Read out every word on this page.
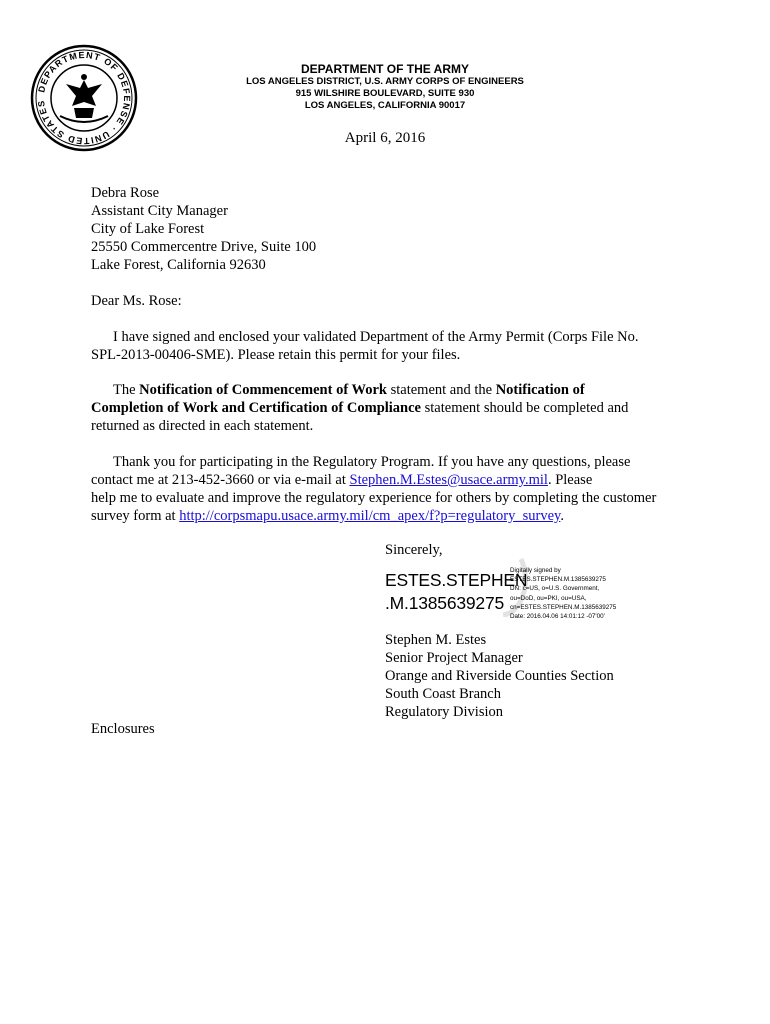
DEPARTMENT OF DEFENSE · UNITED STATES
DEPARTMENT OF THE ARMY
LOS ANGELES DISTRICT, U.S. ARMY CORPS OF ENGINEERS
915 WILSHIRE BOULEVARD, SUITE 930
LOS ANGELES, CALIFORNIA 90017
April 6, 2016
Debra Rose
Assistant City Manager
City of Lake Forest
25550 Commercentre Drive, Suite 100
Lake Forest, California 92630
Dear Ms. Rose:
I have signed and enclosed your validated Department of the Army Permit (Corps File No.
SPL-2013-00406-SME). Please retain this permit for your files.
The Notification of Commencement of Work statement and the Notification of
Completion of Work and Certification of Compliance statement should be completed and
returned as directed in each statement.
Thank you for participating in the Regulatory Program. If you have any questions, please
contact me at 213-452-3660 or via e-mail at Stephen.M.Estes@usace.army.mil. Please
help me to evaluate and improve the regulatory experience for others by completing the customer
survey form at http://corpsmapu.usace.army.mil/cm_apex/f?p=regulatory_survey.
Sincerely,
ESTES.STEPHEN
.M.1385639275
Digitally signed by
ESTES.STEPHEN.M.1385639275
DN: c=US, o=U.S. Government,
ou=DoD, ou=PKI, ou=USA,
cn=ESTES.STEPHEN.M.1385639275
Date: 2016.04.06 14:01:12 -07'00'
Stephen M. Estes
Senior Project Manager
Orange and Riverside Counties Section
South Coast Branch
Regulatory Division
Enclosures
